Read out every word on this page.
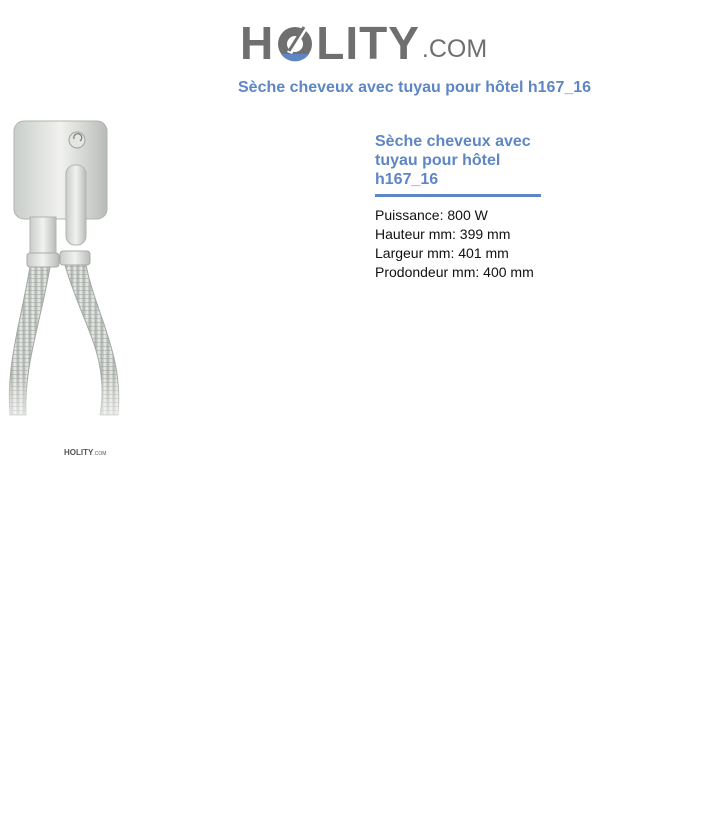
H LITY .COM
Sèche cheveux avec tuyau pour hôtel h167_16
HOLITY.COM
Sèche cheveux avec tuyau pour hôtel h167_16
Puissance: 800 W
Hauteur mm: 399 mm
Largeur mm: 401 mm
Prodondeur mm: 400 mm
